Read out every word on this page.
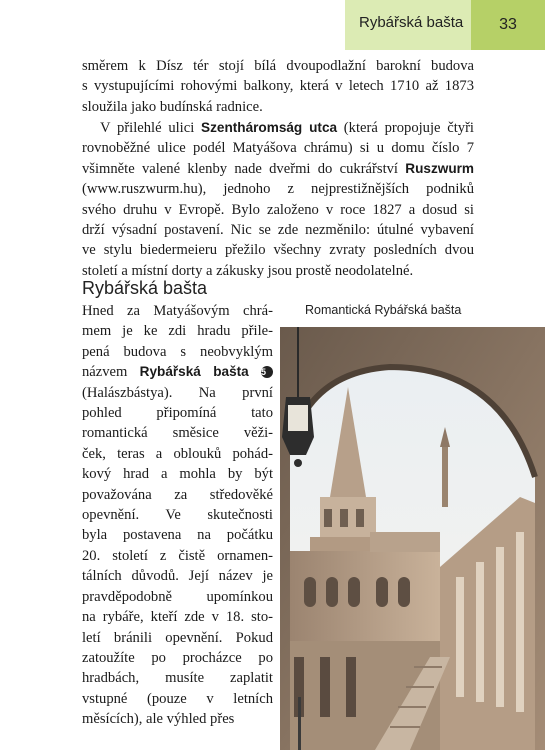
Rybářská bašta	33

směrem k Dísz tér stojí bílá dvoupodlažní barokní budova
s vystupujícími rohovými balkony, která v letech 1710 až 1873
sloužila jako budínská radnice.

V přilehlé ulici Szentháromság utca (která propojuje čtyři
rovnoběžné ulice podél Matyášova chrámu) si u domu číslo 7
všimněte valené klenby nade dveřmi do cukrářství Ruszwurm
(www.ruszwurm.hu), jednoho z nejprestižnějších podniků
svého druhu v Evropě. Bylo založeno v roce 1827 a dosud si
drží výsadní postavení. Nic se zde nezměnilo: útulné vybavení
ve stylu biedermeieru přežilo všechny zvraty posledních dvou
století a místní dorty a zákusky jsou prostě neodolatelné.

Rybářská bašta
Romantická Rybářská bašta

Hned za Matyášovým chrá-
mem je ke zdi hradu přile-
pená budova s neobvyklým
názvem Rybářská bašta 5
(Halászbástya). Na první
pohled připomíná tato
romantická směsice věži-
ček, teras a oblouků pohád-
kový hrad a mohla by být
považována za středověké
opevnění. Ve skutečnosti
byla postavena na počátku
20. století z čistě ornamen-
tálních důvodů. Její název je
pravděpodobně upomínkou
na rybáře, kteří zde v 18. sto-
letí bránili opevnění. Pokud
zatoužíte po procházce po
hradbách, musíte zaplatit
vstupné (pouze v letních
měsících), ale výhled přes
